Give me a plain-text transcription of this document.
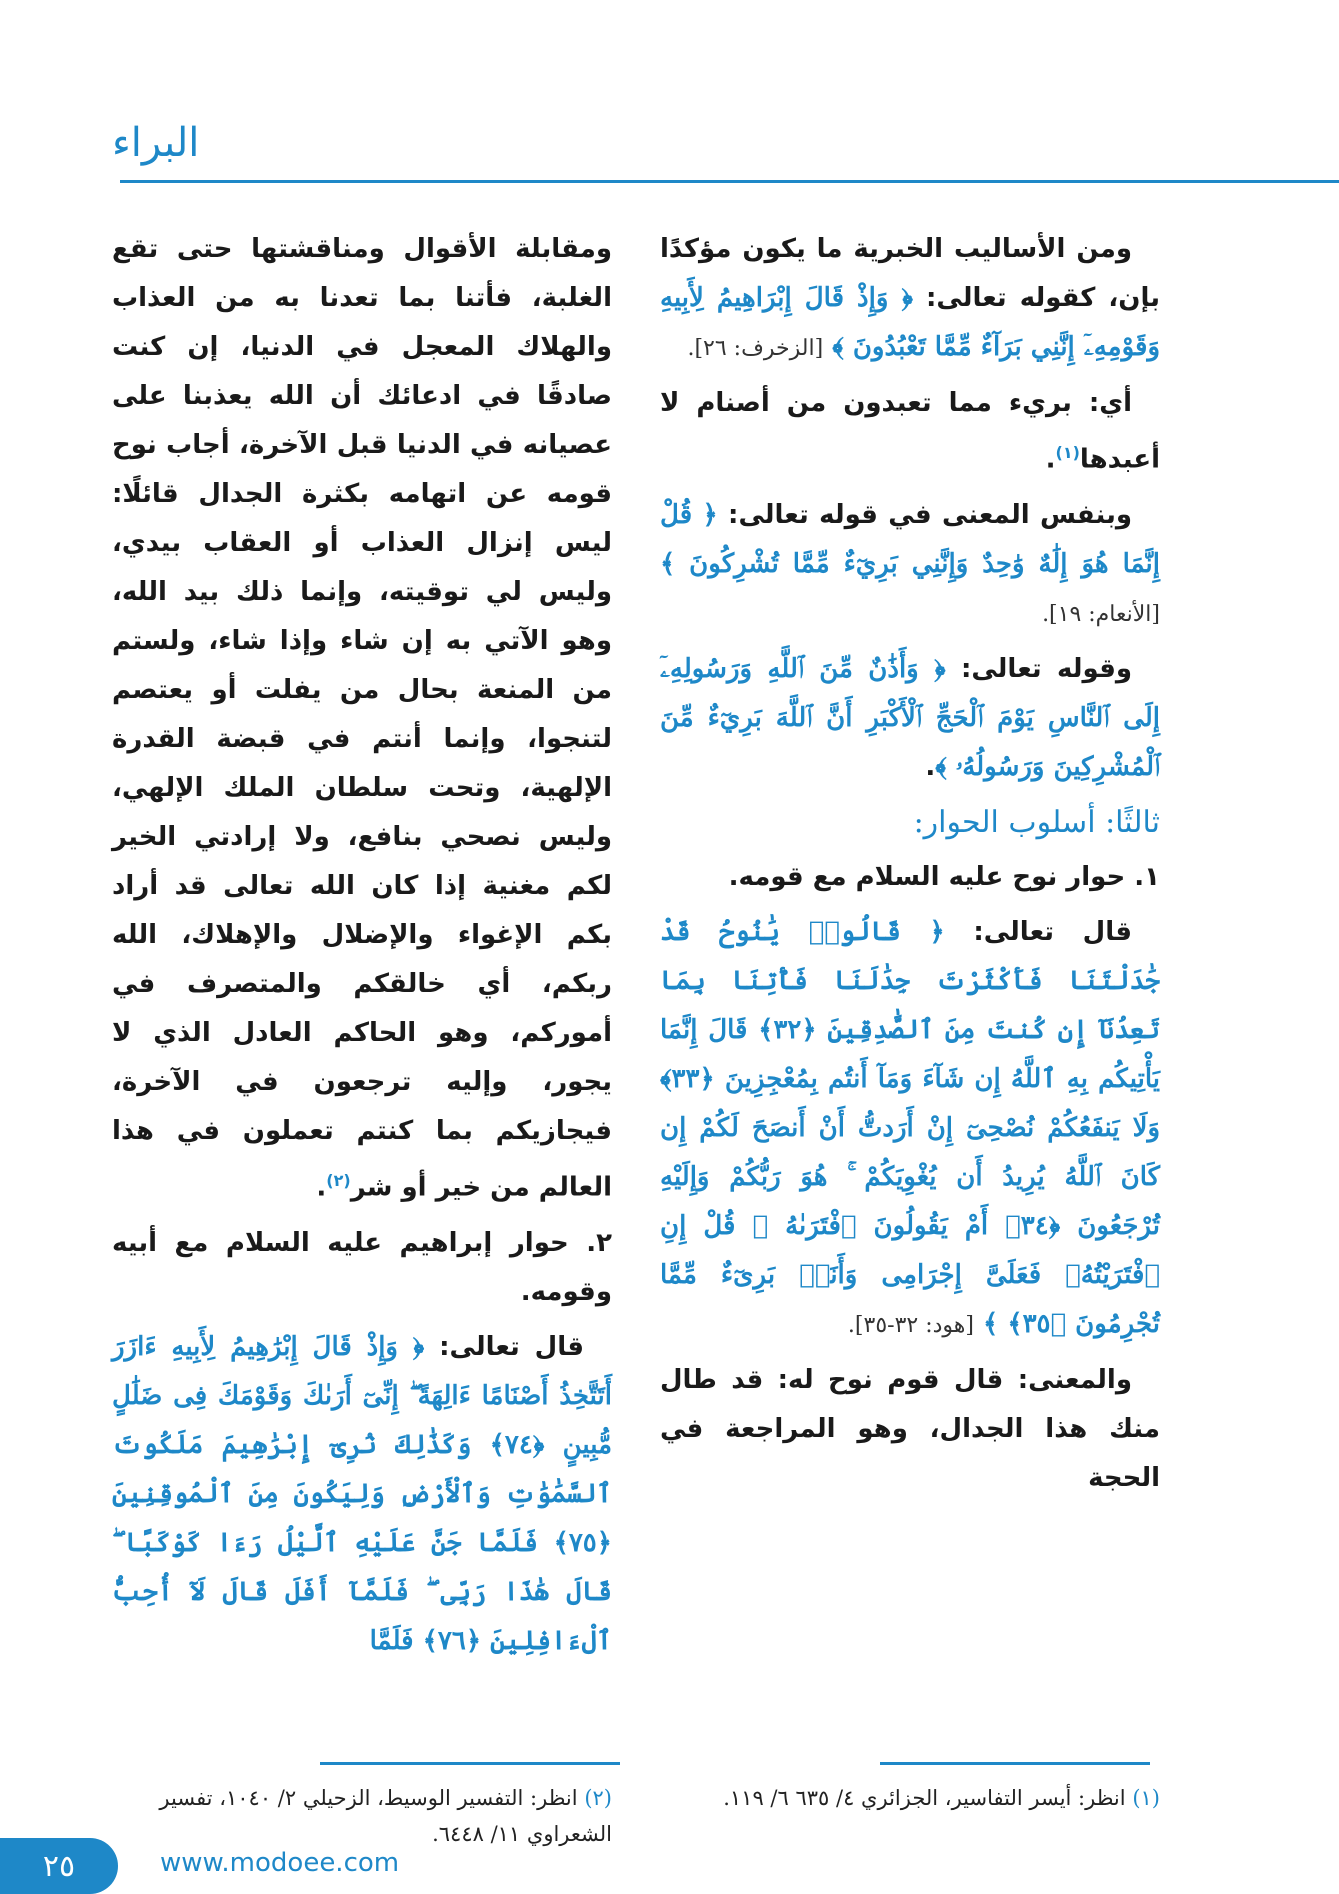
البراء

ومن الأساليب الخبرية ما يكون مؤكدًا بإن، كقوله تعالى: ﴿ وَإِذْ قَالَ إِبْرَاهِيمُ لِأَبِيهِ وَقَوْمِهِۦٓ إِنَّنِي بَرَآءٌ مِّمَّا تَعْبُدُونَ ﴾ [الزخرف: ٢٦].

أي: بريء مما تعبدون من أصنام لا أعبدها$^{(١)}$.

وبنفس المعنى في قوله تعالى: ﴿ قُلْ إِنَّمَا هُوَ إِلَٰهٌ وَٰحِدٌ وَإِنَّنِي بَرِيٓءٌ مِّمَّا تُشْرِكُونَ ﴾ [الأنعام: ١٩].

وقوله تعالى: ﴿ وَأَذَٰنٌ مِّنَ ٱللَّهِ وَرَسُولِهِۦٓ إِلَى ٱلنَّاسِ يَوْمَ ٱلْحَجِّ ٱلْأَكْبَرِ أَنَّ ٱللَّهَ بَرِيٓءٌ مِّنَ ٱلْمُشْرِكِينَ وَرَسُولُهُۥ ﴾.

ثالثًا: أسلوب الحوار:

١. حوار نوح عليه السلام مع قومه.

قال تعالى: ﴿ قَالُوا۟ يَٰنُوحُ قَدْ جَٰدَلْتَنَا فَأَكْثَرْتَ جِدَٰلَنَا فَأْتِنَا بِمَا تَعِدُنَآ إِن كُنتَ مِنَ ٱلصَّٰدِقِينَ ﴿٣٢﴾ قَالَ إِنَّمَا يَأْتِيكُم بِهِ ٱللَّهُ إِن شَآءَ وَمَآ أَنتُم بِمُعْجِزِينَ ﴿٣٣﴾ وَلَا يَنفَعُكُمْ نُصْحِىٓ إِنْ أَرَدتُّ أَنْ أَنصَحَ لَكُمْ إِن كَانَ ٱللَّهُ يُرِيدُ أَن يُغْوِيَكُمْ ۚ هُوَ رَبُّكُمْ وَإِلَيْهِ تُرْجَعُونَ ﴿٣٤﴾ أَمْ يَقُولُونَ ٱفْتَرَىٰهُ ۖ قُلْ إِنِ ٱفْتَرَيْتُهُۥ فَعَلَىَّ إِجْرَامِى وَأَنَا۠ بَرِىٓءٌ مِّمَّا تُجْرِمُونَ ﴿٣٥﴾ ﴾ [هود: ٣٢-٣٥].

والمعنى: قال قوم نوح له: قد طال منك هذا الجدال، وهو المراجعة في الحجة

ومقابلة الأقوال ومناقشتها حتى تقع الغلبة، فأتنا بما تعدنا به من العذاب والهلاك المعجل في الدنيا، إن كنت صادقًا في ادعائك أن الله يعذبنا على عصيانه في الدنيا قبل الآخرة، أجاب نوح قومه عن اتهامه بكثرة الجدال قائلًا: ليس إنزال العذاب أو العقاب بيدي، وليس لي توقيته، وإنما ذلك بيد الله، وهو الآتي به إن شاء وإذا شاء، ولستم من المنعة بحال من يفلت أو يعتصم لتنجوا، وإنما أنتم في قبضة القدرة الإلهية، وتحت سلطان الملك الإلهي، وليس نصحي بنافع، ولا إرادتي الخير لكم مغنية إذا كان الله تعالى قد أراد بكم الإغواء والإضلال والإهلاك، الله ربكم، أي خالقكم والمتصرف في أموركم، وهو الحاكم العادل الذي لا يجور، وإليه ترجعون في الآخرة، فيجازيكم بما كنتم تعملون في هذا العالم من خير أو شر$^{(٢)}$.

٢. حوار إبراهيم عليه السلام مع أبيه وقومه.

قال تعالى: ﴿ وَإِذْ قَالَ إِبْرَٰهِيمُ لِأَبِيهِ ءَازَرَ أَتَتَّخِذُ أَصْنَامًا ءَالِهَةً ۖ إِنِّىٓ أَرَىٰكَ وَقَوْمَكَ فِى ضَلَٰلٍ مُّبِينٍ ﴿٧٤﴾ وَكَذَٰلِكَ نُرِىٓ إِبْرَٰهِيمَ مَلَكُوتَ ٱلسَّمَٰوَٰتِ وَٱلْأَرْضِ وَلِيَكُونَ مِنَ ٱلْمُوقِنِينَ ﴿٧٥﴾ فَلَمَّا جَنَّ عَلَيْهِ ٱلَّيْلُ رَءَا كَوْكَبًا ۖ قَالَ هَٰذَا رَبِّى ۖ فَلَمَّآ أَفَلَ قَالَ لَآ أُحِبُّ ٱلْءَافِلِينَ ﴿٧٦﴾ فَلَمَّا

(١) انظر: أيسر التفاسير، الجزائري ٤/ ٦٣٥ ٦/ ١١٩.
(٢) انظر: التفسير الوسيط، الزحيلي ٢/ ١٠٤٠، تفسير الشعراوي ١١/ ٦٤٤٨.
٢٥	www.modoee.com
